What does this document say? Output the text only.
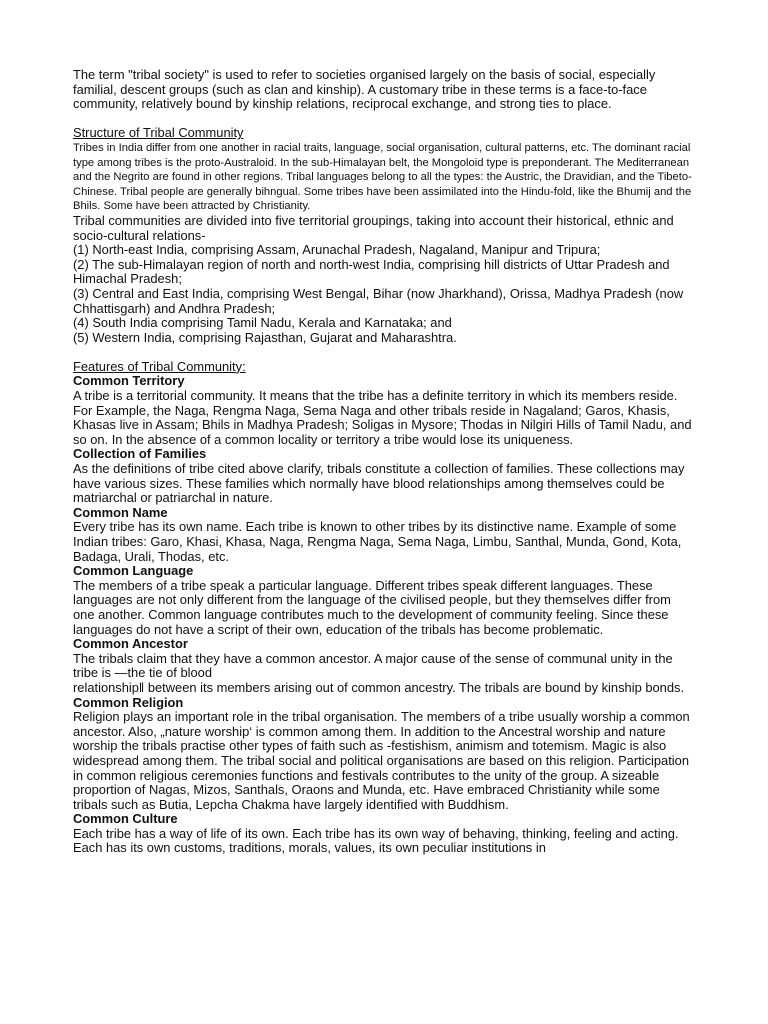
The term "tribal society" is used to refer to societies organised largely on the basis of social, especially familial, descent groups (such as clan and kinship). A customary tribe in these terms is a face-to-face community, relatively bound by kinship relations, reciprocal exchange, and strong ties to place.

Structure of Tribal Community

Tribes in India differ from one another in racial traits, language, social organisation, cultural patterns, etc. The dominant racial type among tribes is the proto-Australoid. In the sub-Himalayan belt, the Mongoloid type is preponderant. The Mediterranean and the Negrito are found in other regions. Tribal languages belong to all the types: the Austric, the Dravidian, and the Tibeto-Chinese. Tribal people are generally bihngual. Some tribes have been assimilated into the Hindu-fold, like the Bhumij and the Bhils. Some have been attracted by Christianity.

Tribal communities are divided into five territorial groupings, taking into account their historical, ethnic and socio-cultural relations-

(1) North-east India, comprising Assam, Arunachal Pradesh, Nagaland, Manipur and Tripura;

(2) The sub-Himalayan region of north and north-west India, comprising hill districts of Uttar Pradesh and Himachal Pradesh;

(3) Central and East India, comprising West Bengal, Bihar (now Jharkhand), Orissa, Madhya Pradesh (now Chhattisgarh) and Andhra Pradesh;

(4) South India comprising Tamil Nadu, Kerala and Karnataka; and

(5) Western India, comprising Rajasthan, Gujarat and Maharashtra.

Features of Tribal Community:

Common Territory

A tribe is a territorial community. It means that the tribe has a definite territory in which its members reside. For Example, the Naga, Rengma Naga, Sema Naga and other tribals reside in Nagaland; Garos, Khasis, Khasas live in Assam; Bhils in Madhya Pradesh; Soligas in Mysore; Thodas in Nilgiri Hills of Tamil Nadu, and so on. In the absence of a common locality or territory a tribe would lose its uniqueness.

Collection of Families

As the definitions of tribe cited above clarify, tribals constitute a collection of families. These collections may have various sizes. These families which normally have blood relationships among themselves could be matriarchal or patriarchal in nature.

Common Name

Every tribe has its own name. Each tribe is known to other tribes by its distinctive name. Example of some Indian tribes: Garo, Khasi, Khasa, Naga, Rengma Naga, Sema Naga, Limbu, Santhal, Munda, Gond, Kota, Badaga, Urali, Thodas, etc.

Common Language

The members of a tribe speak a particular language. Different tribes speak different languages. These languages are not only different from the language of the civilised people, but they themselves differ from one another. Common language contributes much to the development of community feeling. Since these languages do not have a script of their own, education of the tribals has become problematic.

Common Ancestor

The tribals claim that they have a common ancestor. A major cause of the sense of communal unity in the tribe is —the tie of blood
relationship‖ between its members arising out of common ancestry. The tribals are bound by kinship bonds.

Common Religion

Religion plays an important role in the tribal organisation. The members of a tribe usually worship a common ancestor. Also, „nature worship‘ is common among them. In addition to the Ancestral worship and nature worship the tribals practise other types of faith such as -festishism, animism and totemism. Magic is also widespread among them. The tribal social and political organisations are based on this religion. Participation in common religious ceremonies functions and festivals contributes to the unity of the group. A sizeable proportion of Nagas, Mizos, Santhals, Oraons and Munda, etc. Have embraced Christianity while some tribals such as Butia, Lepcha Chakma have largely identified with Buddhism.

Common Culture

Each tribe has a way of life of its own. Each tribe has its own way of behaving, thinking, feeling and acting. Each has its own customs, traditions, morals, values, its own peculiar institutions in
